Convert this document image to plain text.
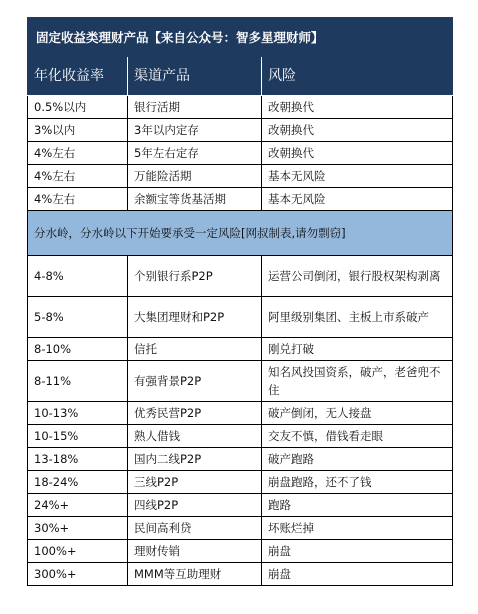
固定收益类理财产品【来自公众号：智多星理财师】		
年化收益率	渠道产品	风险
0.5%以内	银行活期	改朝换代
3%以内	3年以内定存	改朝换代
4%左右	5年左右定存	改朝换代
4%左右	万能险活期	基本无风险
4%左右	余额宝等货基活期	基本无风险
分水岭，分水岭以下开始要承受一定风险[网叔制表,请勿剽窃]		
4-8%	个别银行系P2P	运营公司倒闭，银行股权架构剥离
5-8%	大集团理财和P2P	阿里级别集团、主板上市系破产
8-10%	信托	刚兑打破
8-11%	有强背景P2P	知名风投国资系，破产，老爸兜不住
10-13%	优秀民营P2P	破产倒闭，无人接盘
10-15%	熟人借钱	交友不慎，借钱看走眼
13-18%	国内二线P2P	破产跑路
18-24%	三线P2P	崩盘跑路，还不了钱
24%+	四线P2P	跑路
30%+	民间高利贷	坏账烂掉
100%+	理财传销	崩盘
300%+	MMM等互助理财	崩盘
